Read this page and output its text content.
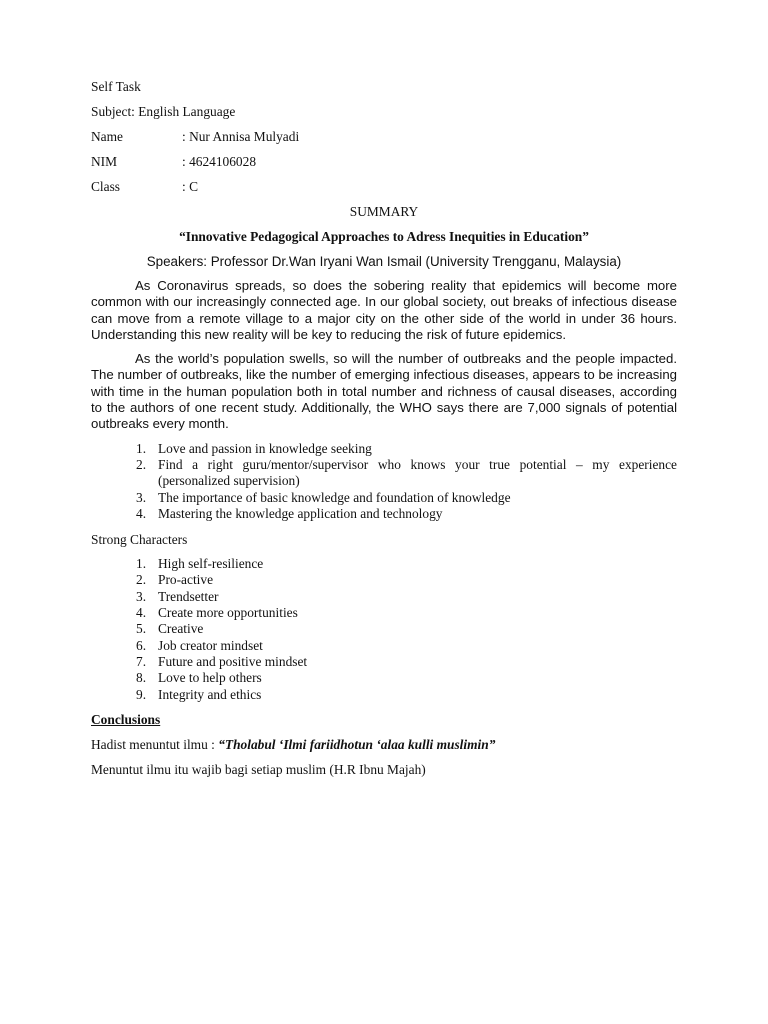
Self Task
Subject: English Language
Name	: Nur Annisa Mulyadi
NIM	: 4624106028
Class	: C
SUMMARY
“Innovative Pedagogical Approaches to Adress Inequities in Education”
Speakers: Professor Dr.Wan Iryani Wan Ismail (University Trengganu, Malaysia)

As Coronavirus spreads, so does the sobering reality that epidemics will become more common with our increasingly connected age. In our global society, out breaks of infectious disease can move from a remote village to a major city on the other side of the world in under 36 hours. Understanding this new reality will be key to reducing the risk of future epidemics.

As the world’s population swells, so will the number of outbreaks and the people impacted. The number of outbreaks, like the number of emerging infectious diseases, appears to be increasing with time in the human population both in total number and richness of causal diseases, according to the authors of one recent study. Additionally, the WHO says there are 7,000 signals of potential outbreaks every month.

1. Love and passion in knowledge seeking
2. Find a right guru/mentor/supervisor who knows your true potential – my experience (personalized supervision)
3. The importance of basic knowledge and foundation of knowledge
4. Mastering the knowledge application and technology
Strong Characters
1. High self-resilience
2. Pro-active
3. Trendsetter
4. Create more opportunities
5. Creative
6. Job creator mindset
7. Future and positive mindset
8. Love to help others
9. Integrity and ethics
Conclusions
Hadist menuntut ilmu : “Tholabul ‘Ilmi fariidhotun ‘alaa kulli muslimin”
Menuntut ilmu itu wajib bagi setiap muslim (H.R Ibnu Majah)
